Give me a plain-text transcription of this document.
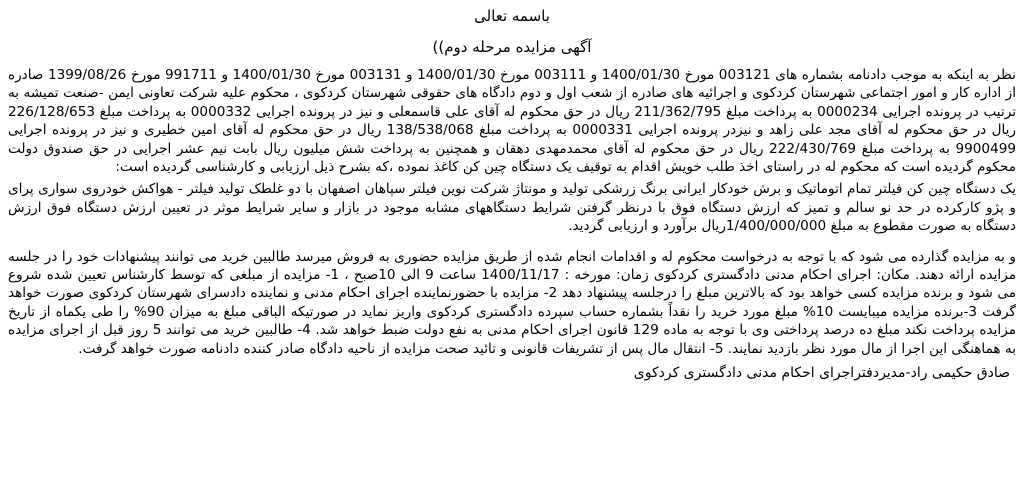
باسمه تعالی

آگهی مزایده مرحله دوم))

نظر به اینکه به موجب دادنامه بشماره های 003121 مورخ 1400/01/30 و 003111 مورخ 1400/01/30 و 003131 مورخ 1400/01/30 و 991711 مورخ 1399/08/26 صادره از اداره کار و امور اجتماعی شهرستان کردکوی و اجرائیه های صادره از شعب اول و دوم دادگاه های حقوقی شهرستان کردکوی ، محکوم علیه شرکت تعاونی ایمن -صنعت تمیشه به ترتیب در پرونده اجرایی 0000234 به پرداخت مبلغ 211/362/795 ریال در حق محکوم له آقای علی قاسمعلی و نیز در پرونده اجرایی 0000332 به پرداخت مبلغ 226/128/653 ریال در حق محکوم له آقای مجد علی زاهد و نیزدر پرونده اجرایی 0000331 به پرداخت مبلغ 138/538/068 ریال در حق محکوم له آقای امین خطیری و نیز در پرونده اجرایی 9900499 به پرداخت مبلغ 222/430/769 ریال در حق محکوم له آقای محمدمهدی دهقان و همچنین به پرداخت شش میلیون ریال بابت نیم عشر اجرایی در حق صندوق دولت محکوم گردیده است که محکوم له در راستای اخذ طلب خویش اقدام به توقیف یک دستگاه چین کن کاغذ نموده ،که بشرح ذیل ارزیابی و کارشناسی گردیده است:

یک دستگاه چین کن فیلتر تمام اتوماتیک و برش خودکار ایرانی برنگ زرشکی تولید و مونتاژ شرکت نوین فیلتر سپاهان اصفهان با دو غلطک تولید فیلتر - هواکش خودروی سواری پرای و پژو کارکرده در حد نو سالم و تمیز که ارزش دستگاه فوق با درنظر گرفتن شرایط دستگاههای مشابه موجود در بازار و سایر شرایط موثر در تعیین ارزش دستگاه فوق ارزش دستگاه به صورت مقطوع به مبلغ 1/400/000/000ریال برآورد و ارزیابی گردید.

و به مزایده گذارده می شود که با توجه به درخواست محکوم له و اقدامات انجام شده از طریق مزایده حضوری به فروش میرسد طالبین خرید می توانند پیشنهادات خود را در جلسه مزایده ارائه دهند. مکان: اجرای احکام مدنی دادگستری کردکوی زمان: مورخه : 1400/11/17 ساعت 9 الی 10صبح ، 1- مزایده از مبلغی که توسط کارشناس تعیین شده شروع می شود و برنده مزایده کسی خواهد بود که بالاترین مبلغ را درجلسه پیشنهاد دهد 2- مزایده با حضورنماینده اجرای احکام مدنی و نماینده دادسرای شهرستان کردکوی صورت خواهد گرفت 3-برنده مزایده میبایست 10% مبلغ مورد خرید را نقداً بشماره حساب سپرده دادگستری کردکوی واریز نماید در صورتیکه الباقی مبلغ به میزان 90% را طی یکماه از تاریخ مزایده پرداخت نکند مبلغ ده درصد پرداختی وی با توجه به ماده 129 قانون اجرای احکام مدنی به نفع دولت ضبط خواهد شد. 4- طالبین خرید می توانند 5 روز قبل از اجرای مزایده به هماهنگی این اجرا از مال مورد نظر بازدید نمایند. 5- انتقال مال پس از تشریفات قانونی و تائید صحت مزایده از ناحیه دادگاه صادر کننده دادنامه صورت خواهد گرفت.

صادق حکیمی راد-مدیردفتراجرای احکام مدنی دادگستری کردکوی
